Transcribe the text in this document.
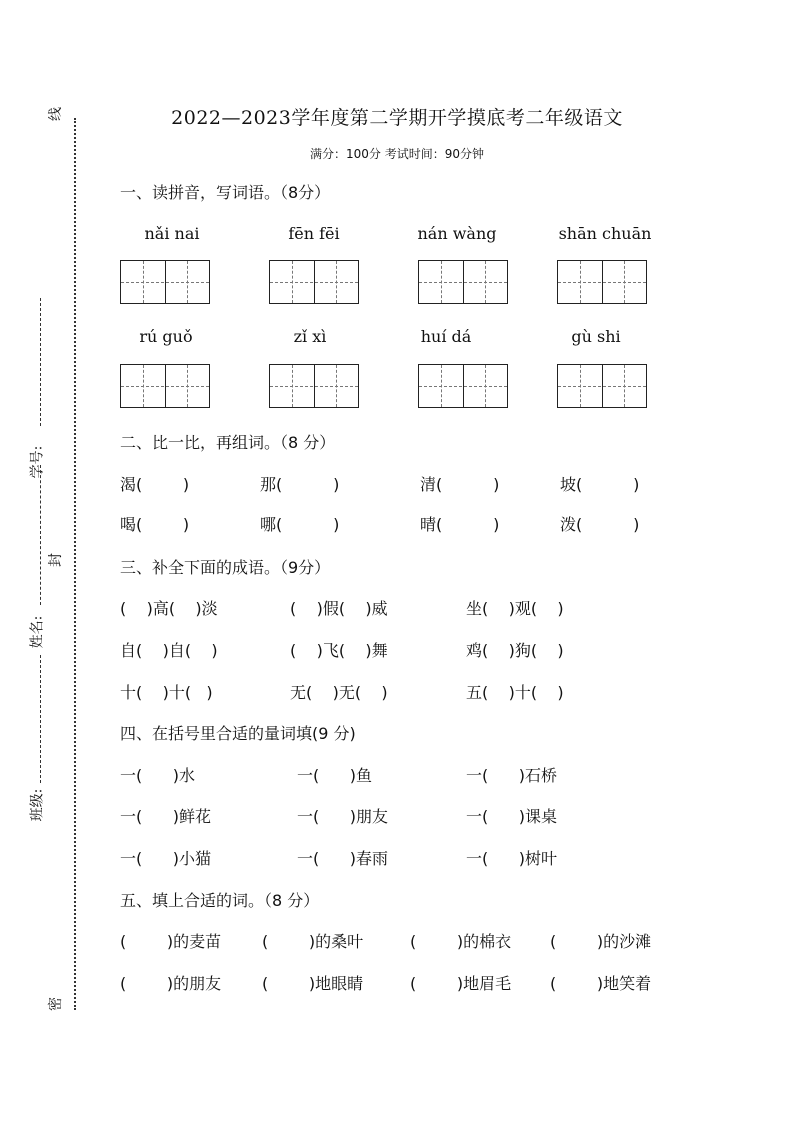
线
封
密
学号:
姓名:
班级:
2022—2023学年度第二学期开学摸底考二年级语文
满分：100分 考试时间：90分钟
一、读拼音，写词语。（8分）
nǎi nai	fēn fēi	nán wàng	shān chuān
rú guǒ	zǐ xì	huí dá	gù shi
二、比一比，再组词。（8 分）
渴(        )	那(          )	清(          )	坡(          )
喝(        )	哪(          )	晴(          )	泼(          )
三、补全下面的成语。（9分）
(    )高(    )淡	(    )假(    )威	坐(    )观(    )
自(    )自(    )	(    )飞(    )舞	鸡(    )狗(    )
十(    )十(   )	无(    )无(    )	五(    )十(    )
四、在括号里合适的量词填(9 分)
一(      )水	一(      )鱼	一(      )石桥
一(      )鲜花	一(      )朋友	一(      )课桌
一(      )小猫	一(      )春雨	一(      )树叶
五、填上合适的词。（8 分）
(        )的麦苗	(        )的桑叶	(        )的棉衣 (        )的沙滩
(        )的朋友	(        )地眼睛	(        )地眉毛 (        )地笑着
